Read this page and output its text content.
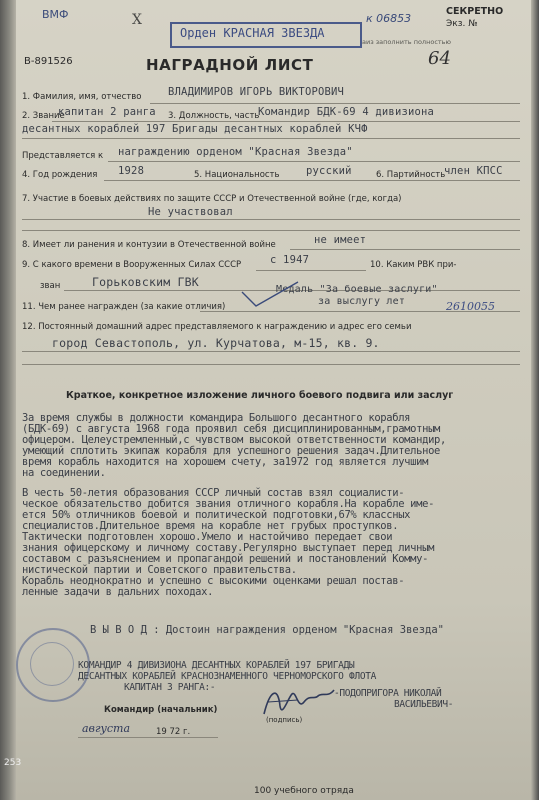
ВМФ	Х
Орден КРАСНАЯ ЗВЕЗДА
к 06853
СЕКРЕТНО
Экз. №
аиз заполнить полностью
В-891526	НАГРАДНОЙ ЛИСТ	64
1. Фамилия, имя, отчество	ВЛАДИМИРОВ ИГОРЬ ВИКТОРОВИЧ
2. Звание
капитан 2 ранга 3. Должность, часть
Командир БДК-69 4 дивизиона
десантных кораблей 197 Бригады десантных кораблей КЧФ
Представляется к награждению орденом "Красная Звезда"
4. Год рождения 1928	5. Национальность	русский	6. Партийность
член КПСС
7. Участие в боевых действиях по защите СССР и Отечественной войне (где, когда)
Не участвовал
8. Имеет ли ранения и контузии в Отечественной войне	не имеет
9. С какого времени в Вооруженных Силах СССР	с 1947	10. Каким РВК при-
зван	Горьковским ГВК
11. Чем ранее награжден (за какие отличия)
Медаль "За боевые заслуги"
за выслугу лет	2610055
12. Постоянный домашний адрес представляемого к награждению и адрес его семьи
город Севастополь, ул. Курчатова, м-15, кв. 9.
Краткое, конкретное изложение личного боевого подвига или заслуг
За время службы в должности командира Большого десантного корабля
(БДК-69) с августа 1968 года проявил себя дисциплинированным,грамотным
офицером. Целеустремленный,с чувством высокой ответственности командир,
умеющий сплотить экипаж корабля для успешного решения задач.Длительное
время корабль находится на хорошем счету, за1972 год является лучшим
на соединении.
В честь 50-летия образования СССР личный состав взял социалисти-
ческое обязательство добится звания отличного корабля.На корабле име-
ется 50% отличников боевой и политической подготовки,67% классных
специалистов.Длительное время на корабле нет грубых проступков.
Тактически подготовлен хорошо.Умело и настойчиво передает свои
знания офицерскому и личному составу.Регулярно выступает перед личным
составом с разъяснением и пропагандой решений и постановлений Комму-
нистической партии и Советского правительства.
Корабль неоднократно и успешно с высокими оценками решал постав-
ленные задачи в дальних походах.
В Ы В О Д : Достоин награждения орденом "Красная Звезда"
КОМАНДИР 4 ДИВИЗИОНА ДЕСАНТНЫХ КОРАБЛЕЙ 197 БРИГАДЫ
ДЕСАНТНЫХ КОРАБЛЕЙ КРАСНОЗНАМЕННОГО ЧЕРНОМОРСКОГО ФЛОТА
КАПИТАН 3 РАНГА:-
-ПОДОПРИГОРА НИКОЛАЙ
ВАСИЛЬЕВИЧ-
Командир (начальник)
(подпись)
августа	19 72 г.
253
100 учебного отряда
